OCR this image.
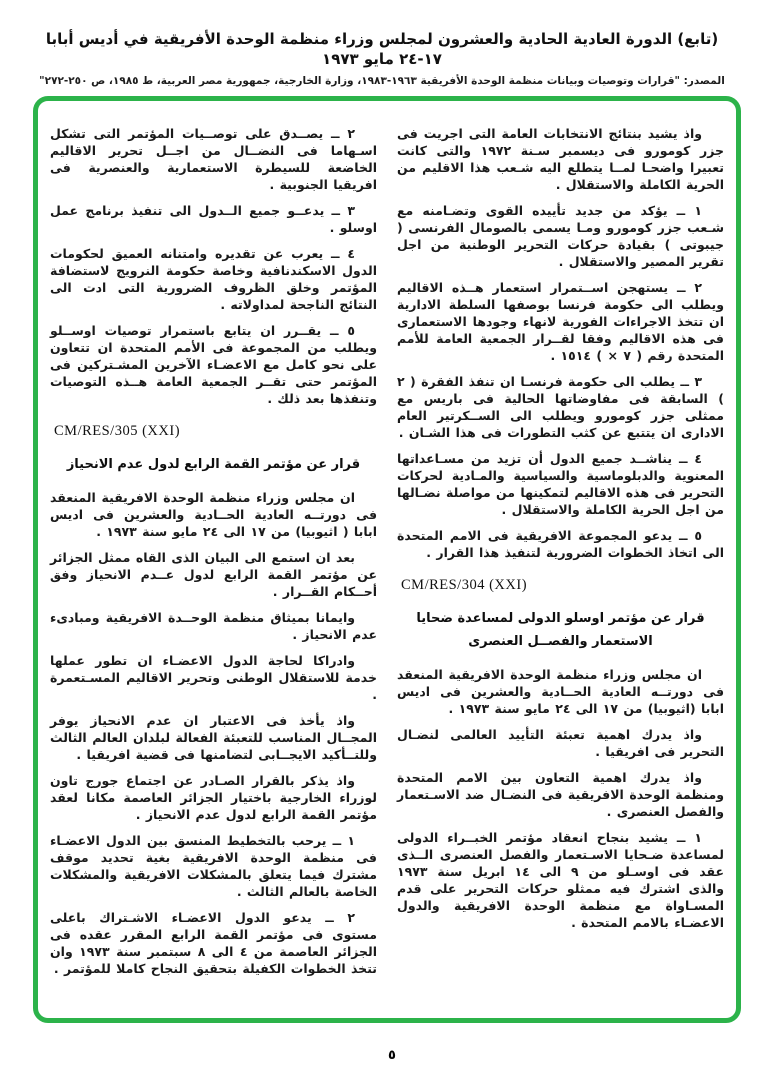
(تابع) الدورة العادية الحادية والعشرون لمجلس وزراء منظمة الوحدة الأفريقية في أديس أبابا ١٧-٢٤ مايو ١٩٧٣
المصدر: "قرارات وتوصيات وبيانات منظمة الوحدة الأفريقية ١٩٦٣-١٩٨٣، وزارة الخارجية، جمهورية مصر العربية، ط ١٩٨٥، ص ٢٥٠-٢٧٢"

واذ يشيد بنتائج الانتخابات العامة التى اجريت فى جزر كومورو فى ديسمبر سـنة ١٩٧٢ والتى كانت تعبيرا واضحـا لمــا يتطلع اليه شـعب هذا الاقليم من الحرية الكاملة والاستقلال .

١ ــ يؤكد من جديد تأييده القوى وتضـامنه مع شـعب جزر كومورو ومـا يسمى بالصومال الفرنسى ( جيبوتى ) بقيادة حركات التحرير الوطنية من اجل تقرير المصير والاستقلال .

٢ ــ يستهجن اســتمرار استعمار هــذه الاقاليم ويطلب الى حكومة فرنسا بوصفها السلطة الادارية ان تتخذ الاجراءات الفورية لانهاء وجودها الاستعمارى فى هذه الاقاليم وفقا لقــرار الجمعية العامة للأمم المتحدة رقم ( ٧ × ) ١٥١٤ .

٣ ــ يطلب الى حكومة فرنسـا ان تنفذ الفقرة ( ٢ ) السابقة فى مفاوضاتها الحالية فى باريس مع ممثلى جزر كومورو ويطلب الى الســكرتير العام الادارى ان يتتبع عن كثب التطورات فى هذا الشـان .

٤ ــ يناشــد جميع الدول أن تزيد من مسـاعداتها المعنوية والدبلوماسية والسياسية والمـادية لحركات التحرير فى هذه الاقاليم لتمكينها من مواصلة نضـالها من اجل الحرية الكاملة والاستقلال .

٥ ــ يدعو المجموعة الافريقية فى الامم المتحدة الى اتخاذ الخطوات الضرورية لتنفيذ هذا القرار .

CM/RES/304 (XXI)
قرار عن مؤتمر اوسلو الدولى لمساعدة ضحايا الاستعمار والفصــل العنصرى

ان مجلس وزراء منظمة الوحدة الافريقية المنعقد فى دورتــه العادية الحــادية والعشرين فى اديس ابابا (اثيوبيا) من ١٧ الى ٢٤ مايو سنة ١٩٧٣ .

واذ يدرك اهمية تعبئة التأييد العالمى لنضـال التحرير فى افريقيا .

واذ يدرك اهمية التعاون بين الامم المتحدة ومنظمة الوحدة الافريقية فى النضـال ضد الاسـتعمار والفصل العنصرى .

١ ــ يشيد بنجاح انعقاد مؤتمر الخبــراء الدولى لمساعدة ضـحايا الاسـتعمار والفصل العنصرى الــذى عقد فى اوسـلو من ٩ الى ١٤ ابريل سنة ١٩٧٣ والذى اشترك فيه ممثلو حركات التحرير على قدم المسـاواة مع منظمة الوحدة الافريقية والدول الاعضـاء بالامم المتحدة .

٢ ــ يصــدق على توصــيات المؤتمر التى تشكل اسـهاما فى النضــال من اجــل تحرير الاقاليم الخاضعة للسيطرة الاستعمارية والعنصرية فى افريقيا الجنوبية .

٣ ــ يدعــو جميع الــدول الى تنفيذ برنامج عمل اوسلو .

٤ ــ يعرب عن تقديره وامتنانه العميق لحكومات الدول الاسكندنافية وخاصة حكومة النرويج لاستضافة المؤتمر وخلق الظروف الضرورية التى ادت الى النتائج الناجحة لمداولاته .

٥ ــ يقــرر ان يتابع باستمرار توصيات اوســلو ويطلب من المجموعة فى الأمم المتحدة ان تتعاون على نحو كامل مع الاعضـاء الآخرين المشـتركين فى المؤتمر حتى تقــر الجمعية العامة هــذه التوصيات وتنفذها بعد ذلك .

CM/RES/305 (XXI)
قرار عن مؤتمر القمة الرابع لدول عدم الانحياز

ان مجلس وزراء منظمة الوحدة الافريقية المنعقد فى دورتــه العادية الحــادية والعشرين فى اديس ابابا ( اثيوبيا) من ١٧ الى ٢٤ مايو سنة ١٩٧٣ .

بعد ان استمع الى البيان الذى القاه ممثل الجزائر عن مؤتمر القمة الرابع لدول عــدم الانحياز وفق أحــكام القــرار .

وايمانا بميثاق منظمة الوحــدة الافريقية ومبادىء عدم الانحياز .

وادراكا لحاجة الدول الاعضـاء ان تطور عملها خدمة للاستقلال الوطنى وتحرير الاقاليم المسـتعمرة .

واذ يأخذ فى الاعتبار ان عدم الانحياز يوفر المجــال المناسب للتعبئة الفعالة لبلدان العالم الثالث وللتــأكيد الايجــابى لتضامنها فى قضية افريقيا .

واذ يذكر بالقرار الصـادر عن اجتماع جورج تاون لوزراء الخارجية باختيار الجزائر العاصمة مكانا لعقد مؤتمر القمة الرابع لدول عدم الانحياز .

١ ــ يرحب بالتخطيط المنسق بين الدول الاعضـاء فى منظمة الوحدة الافريقية بغية تحديد موقف مشترك فيما يتعلق بالمشكلات الافريقية والمشكلات الخاصة بالعالم الثالث .

٢ ــ يدعو الدول الاعضـاء الاشـتراك باعلى مستوى فى مؤتمر القمة الرابع المقرر عقده فى الجزائر العاصمة من ٤ الى ٨ سبتمبر سنة ١٩٧٣ وان تتخذ الخطوات الكفيلة بتحقيق النجاح كاملا للمؤتمر .

٥
